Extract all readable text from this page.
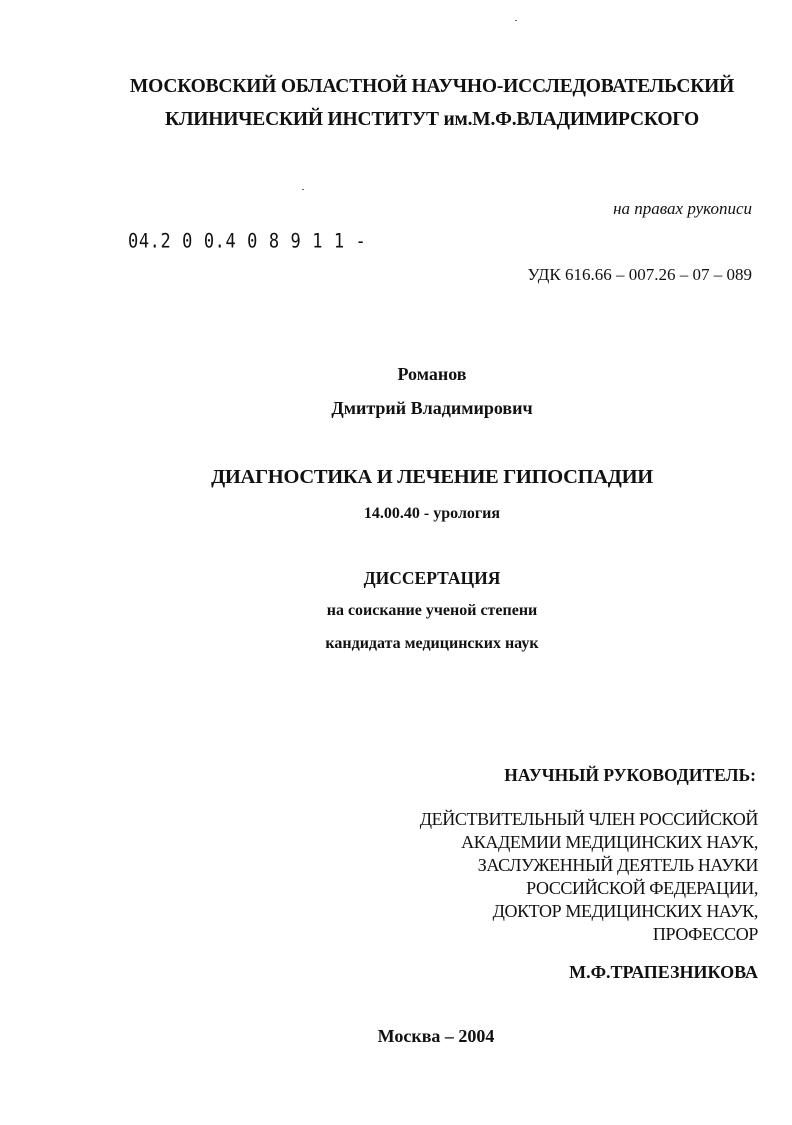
МОСКОВСКИЙ ОБЛАСТНОЙ НАУЧНО-ИССЛЕДОВАТЕЛЬСКИЙ
КЛИНИЧЕСКИЙ ИНСТИТУТ им.М.Ф.ВЛАДИМИРСКОГО
на правах рукописи
04.2 0 0.4 0 8 9 1 1 -
УДК 616.66 – 007.26 – 07 – 089
Романов
Дмитрий Владимирович
ДИАГНОСТИКА И ЛЕЧЕНИЕ ГИПОСПАДИИ
14.00.40 - урология
ДИССЕРТАЦИЯ
на соискание ученой степени
кандидата медицинских наук
НАУЧНЫЙ РУКОВОДИТЕЛЬ:
ДЕЙСТВИТЕЛЬНЫЙ ЧЛЕН РОССИЙСКОЙ
АКАДЕМИИ МЕДИЦИНСКИХ НАУК,
ЗАСЛУЖЕННЫЙ ДЕЯТЕЛЬ НАУКИ
РОССИЙСКОЙ ФЕДЕРАЦИИ,
ДОКТОР МЕДИЦИНСКИХ НАУК,
ПРОФЕССОР
М.Ф.ТРАПЕЗНИКОВА
Москва – 2004
